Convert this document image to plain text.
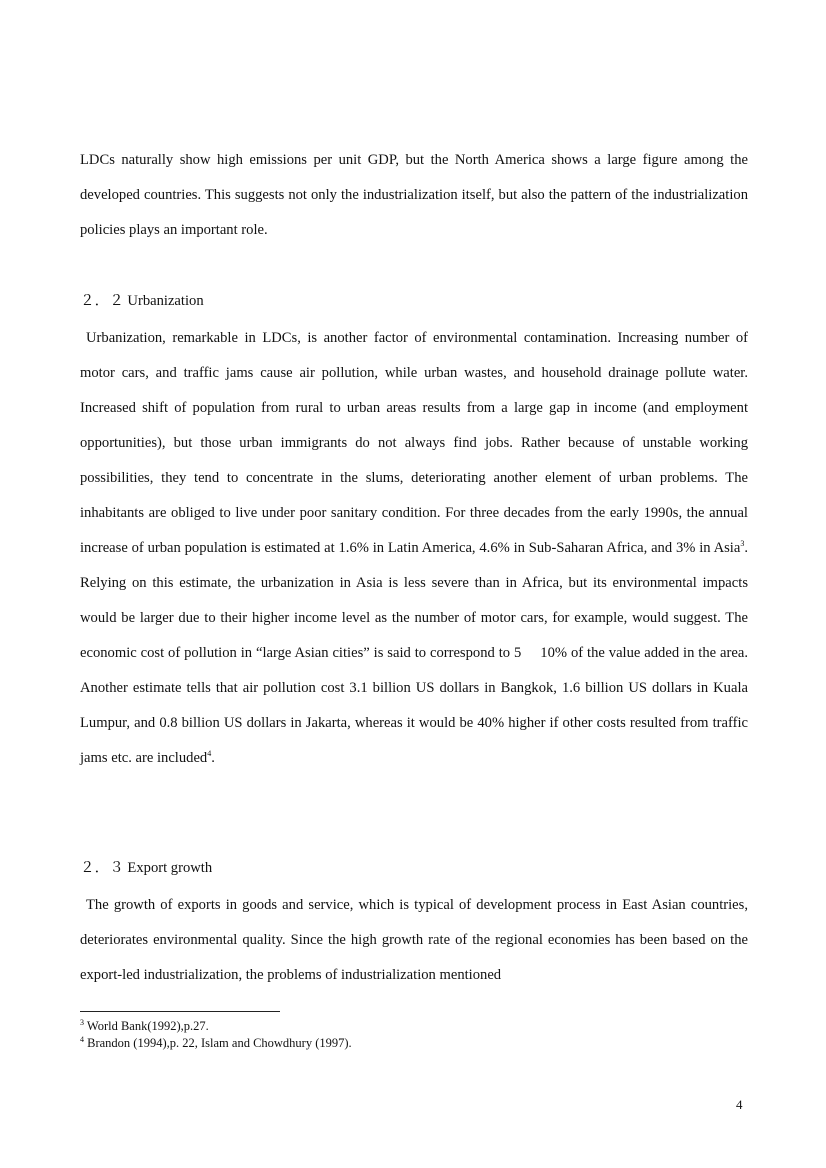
LDCs naturally show high emissions per unit GDP, but the North America shows a large figure among the developed countries. This suggests not only the industrialization itself, but also the pattern of the industrialization policies plays an important role.

２．２ Urbanization

Urbanization, remarkable in LDCs, is another factor of environmental contamination. Increasing number of motor cars, and traffic jams cause air pollution, while urban wastes, and household drainage pollute water. Increased shift of population from rural to urban areas results from a large gap in income (and employment opportunities), but those urban immigrants do not always find jobs. Rather because of unstable working possibilities, they tend to concentrate in the slums, deteriorating another element of urban problems. The inhabitants are obliged to live under poor sanitary condition. For three decades from the early 1990s, the annual increase of urban population is estimated at 1.6% in Latin America, 4.6% in Sub-Saharan Africa, and 3% in Asia$^3$. Relying on this estimate, the urbanization in Asia is less severe than in Africa, but its environmental impacts would be larger due to their higher income level as the number of motor cars, for example, would suggest. The economic cost of pollution in “large Asian cities” is said to correspond to 5　 10% of the value added in the area. Another estimate tells that air pollution cost 3.1 billion US dollars in Bangkok, 1.6 billion US dollars in Kuala Lumpur, and 0.8 billion US dollars in Jakarta, whereas it would be 40% higher if other costs resulted from traffic jams etc. are included$^4$.

２．３ Export growth

The growth of exports in goods and service, which is typical of development process in East Asian countries, deteriorates environmental quality. Since the high growth rate of the regional economies has been based on the export-led industrialization, the problems of industrialization mentioned

$^3$ World Bank(1992),p.27.
$^4$ Brandon (1994),p. 22, Islam and Chowdhury (1997).
4
